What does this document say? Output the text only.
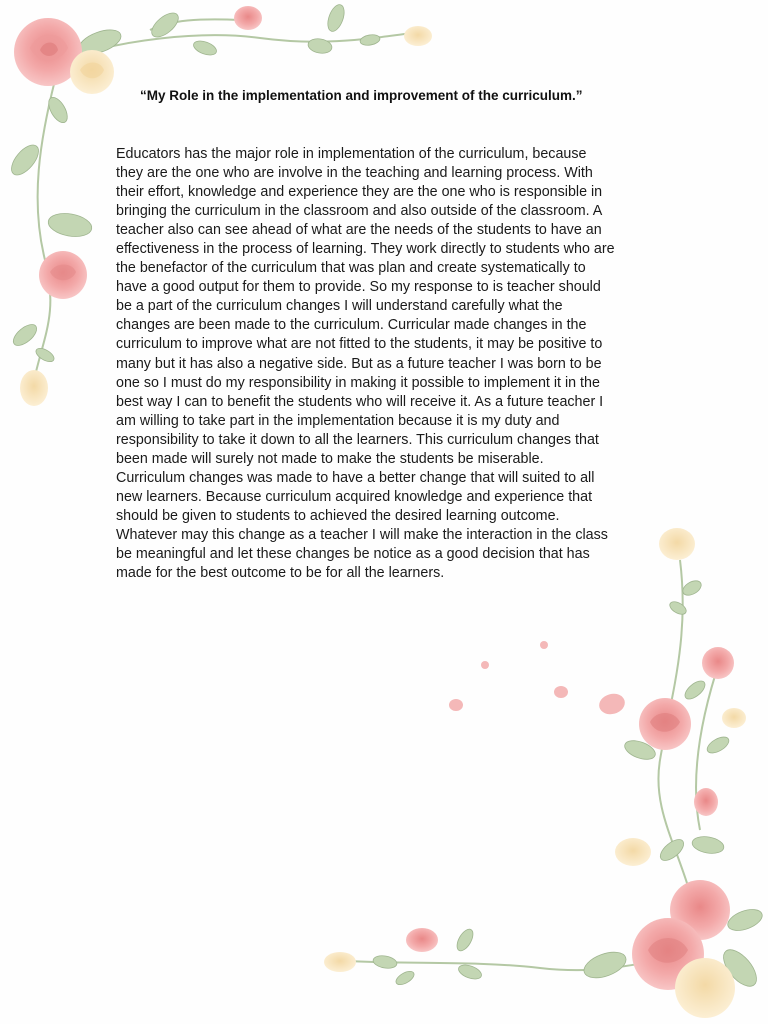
“My Role in the implementation and improvement of the curriculum.”
Educators has the major role in implementation of the curriculum, because
they are the one who are involve in the teaching and learning process. With
their effort, knowledge and experience they are the one who is responsible in
bringing the curriculum in the classroom and also outside of the classroom. A
teacher also can see ahead of what are the needs of the students to have an
effectiveness in the process of learning. They work directly to students who are
the benefactor of the curriculum that was plan and create systematically to
have a good output for them to provide. So my response to is teacher should
be a part of the curriculum changes I will understand carefully what the
changes are been made to the curriculum. Curricular made changes in the
curriculum to improve what are not fitted to the students, it may be positive to
many but it has also a negative side. But as a future teacher I was born to be
one so I must do my responsibility in making it possible to implement it in the
best way I can to benefit the students who will receive it. As a future teacher I
am willing to take part in the implementation because it is my duty and
responsibility to take it down to all the learners. This curriculum changes that
been made will surely not made to make the students be miserable.
Curriculum changes was made to have a better change that will suited to all
new learners. Because curriculum acquired knowledge and experience that
should be given to students to achieved the desired learning outcome.
Whatever may this change as a teacher I will make the interaction in the class
be meaningful and let these changes be notice as a good decision that has
made for the best outcome to be for all the learners.
